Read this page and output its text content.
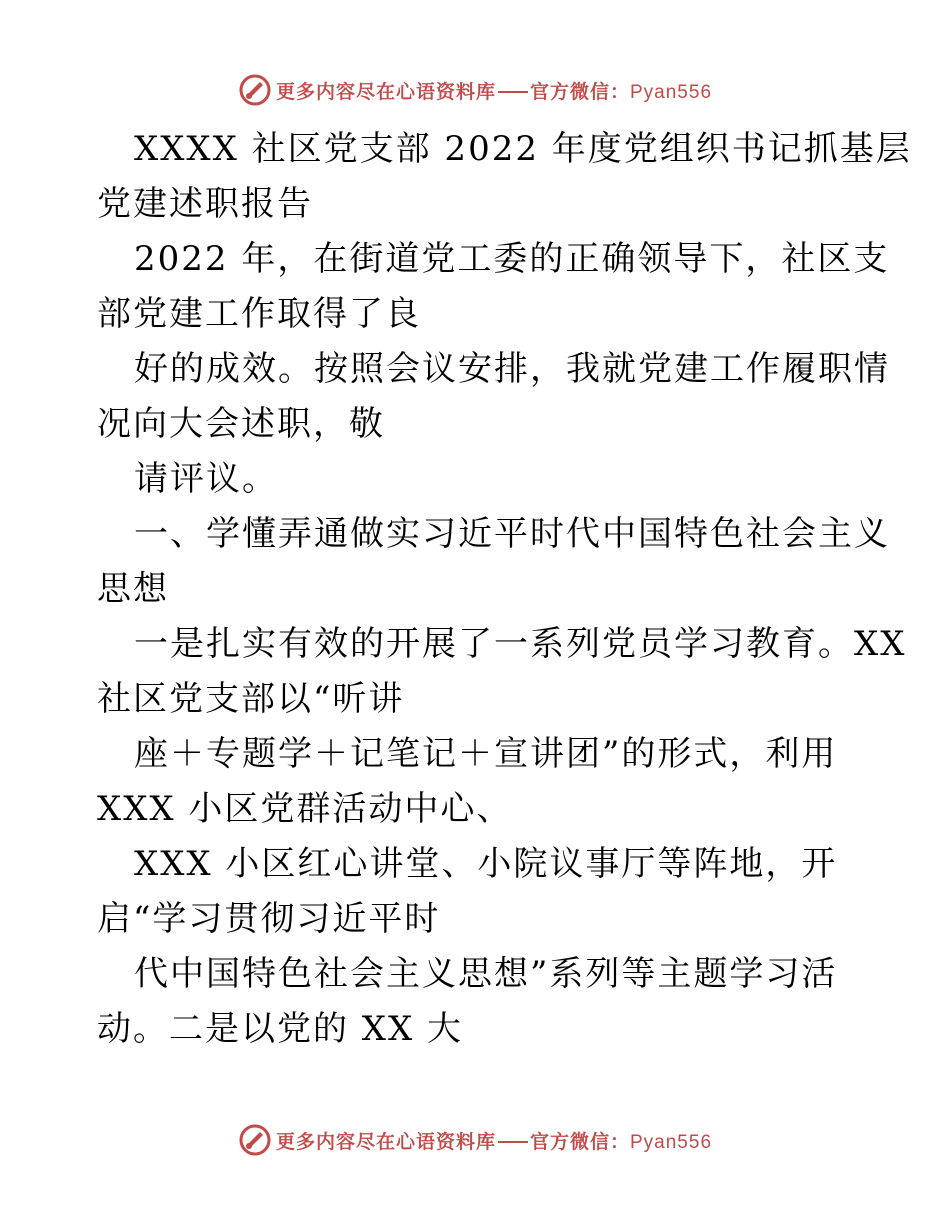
更多内容尽在心语资料库 官方微信：Pyan556
XXXX 社区党支部 2022 年度党组织书记抓基层
党建述职报告
2022 年，在街道党工委的正确领导下，社区支
部党建工作取得了良
好的成效。按照会议安排，我就党建工作履职情
况向大会述职，敬
请评议。
一、学懂弄通做实习近平时代中国特色社会主义
思想
一是扎实有效的开展了一系列党员学习教育。XX
社区党支部以“听讲
座＋专题学＋记笔记＋宣讲团”的形式，利用
XXX 小区党群活动中心、
XXX 小区红心讲堂、小院议事厅等阵地，开
启“学习贯彻习近平时
代中国特色社会主义思想”系列等主题学习活
动。二是以党的 XX 大
更多内容尽在心语资料库 官方微信：Pyan556
